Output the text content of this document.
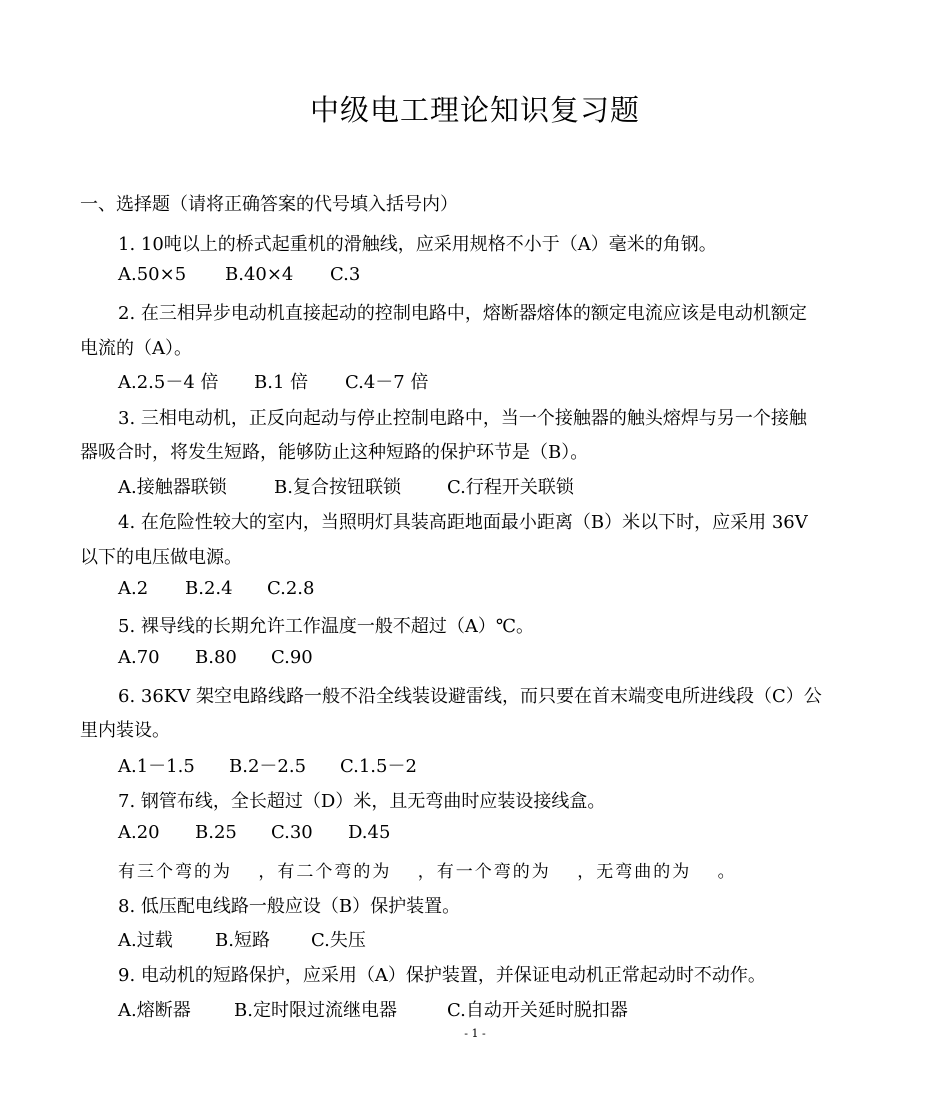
中级电工理论知识复习题
一、选择题（请将正确答案的代号填入括号内）
1. 10吨以上的桥式起重机的滑触线，应采用规格不小于（A）毫米的角钢。
A.50×5 B.40×4 C.3
2. 在三相异步电动机直接起动的控制电路中，熔断器熔体的额定电流应该是电动机额定
电流的（A）。
A.2.5－4 倍 B.1 倍 C.4－7 倍
3. 三相电动机，正反向起动与停止控制电路中，当一个接触器的触头熔焊与另一个接触
器吸合时，将发生短路，能够防止这种短路的保护环节是（B）。
A.接触器联锁	B.复合按钮联锁	C.行程开关联锁
4. 在危险性较大的室内，当照明灯具装高距地面最小距离（B）米以下时，应采用 36V
以下的电压做电源。
A.2 B.2.4 C.2.8
5. 裸导线的长期允许工作温度一般不超过（A）℃。
A.70 B.80 C.90
6. 36KV 架空电路线路一般不沿全线装设避雷线，而只要在首末端变电所进线段（C）公
里内装设。
A.1－1.5 B.2－2.5 C.1.5－2
7. 钢管布线，全长超过（D）米，且无弯曲时应装设接线盒。
A.20 B.25 C.30 D.45
有三个弯的为 　，有二个弯的为 　，有一个弯的为 　，无弯曲的为 　。
8. 低压配电线路一般应设（B）保护装置。
A.过载 B.短路 C.失压
9. 电动机的短路保护，应采用（A）保护装置，并保证电动机正常起动时不动作。
A.熔断器 B.定时限过流继电器	C.自动开关延时脱扣器
- 1 -
